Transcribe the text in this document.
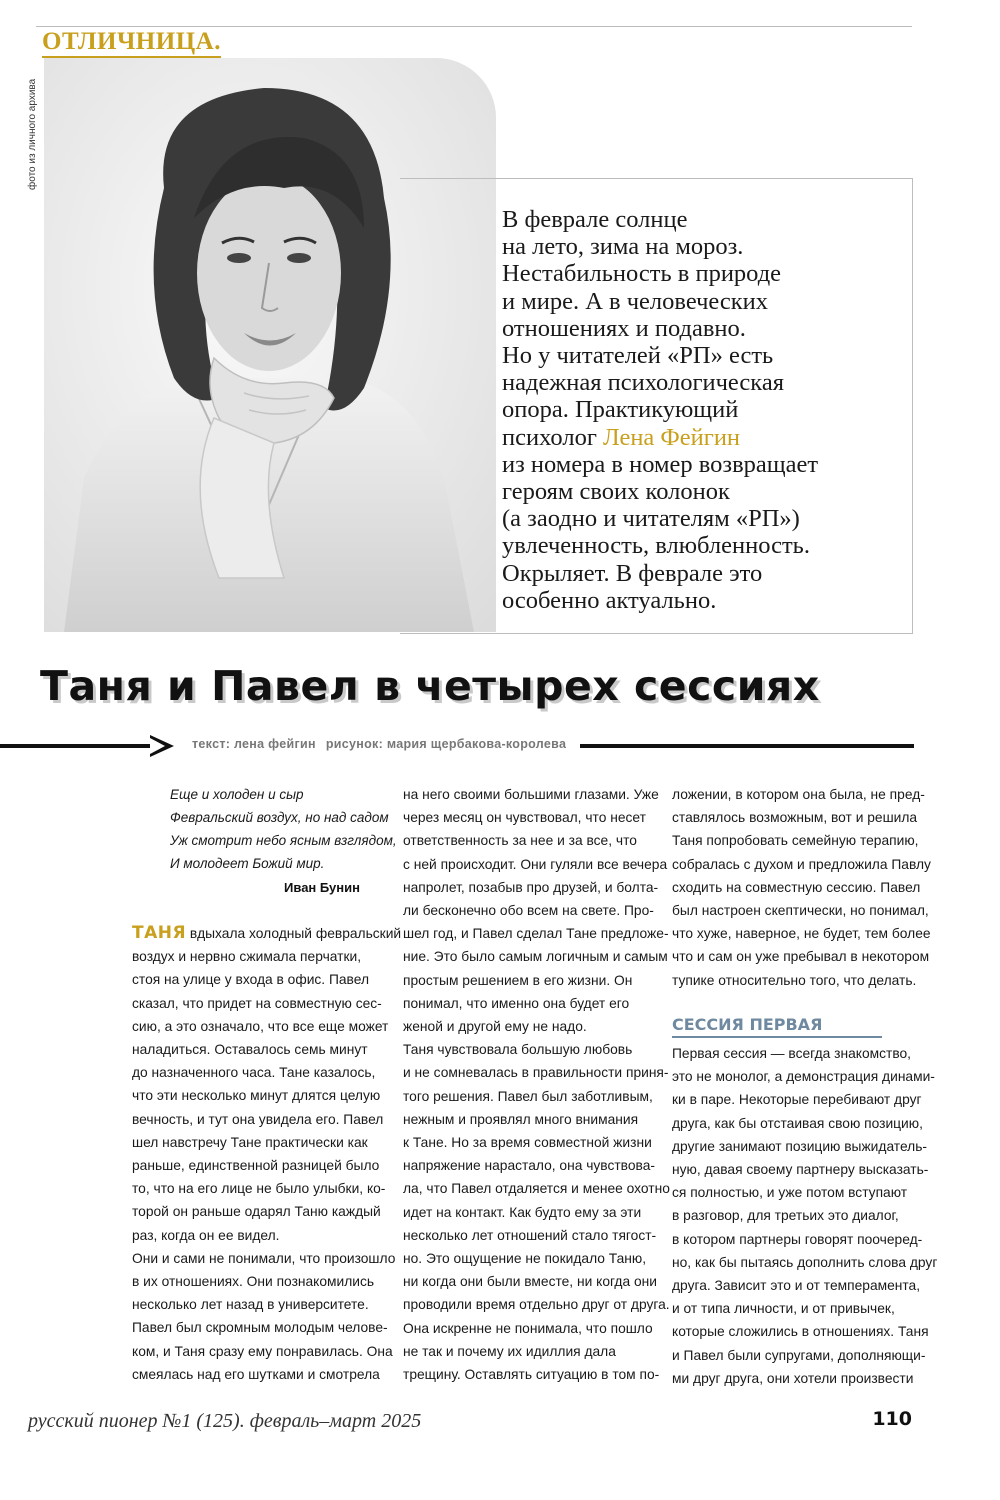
ОТЛИЧНИЦА.
фото из личного архива
В феврале солнце
на лето, зима на мороз.
Нестабильность в природе
и мире. А в человеческих
отношениях и подавно.
Но у читателей «РП» есть
надежная психологическая
опора. Практикующий
психолог Лена Фейгин
из номера в номер возвращает
героям своих колонок
(а заодно и читателям «РП»)
увлеченность, влюбленность.
Окрыляет. В феврале это
особенно актуально.
Таня и Павел в четырех сессиях
текст: лена фейгин рисунок: мария щербакова-королева
Еще и холоден и сыр
Февральский воздух, но над садом
Уж смотрит небо ясным взглядом,
И молодеет Божий мир.
Иван Бунин
ТАНЯ вдыхала холодный февральский
воздух и нервно сжимала перчатки,
стоя на улице у входа в офис. Павел
сказал, что придет на совместную сес-
сию, а это означало, что все еще может
наладиться. Оставалось семь минут
до назначенного часа. Тане казалось,
что эти несколько минут длятся целую
вечность, и тут она увидела его. Павел
шел навстречу Тане практически как
раньше, единственной разницей было
то, что на его лице не было улыбки, ко-
торой он раньше одарял Таню каждый
раз, когда он ее видел.
Они и сами не понимали, что произошло
в их отношениях. Они познакомились
несколько лет назад в университете.
Павел был скромным молодым челове-
ком, и Таня сразу ему понравилась. Она
смеялась над его шутками и смотрела
на него своими большими глазами. Уже
через месяц он чувствовал, что несет
ответственность за нее и за все, что
с ней происходит. Они гуляли все вечера
напролет, позабыв про друзей, и болта-
ли бесконечно обо всем на свете. Про-
шел год, и Павел сделал Тане предложе-
ние. Это было самым логичным и самым
простым решением в его жизни. Он
понимал, что именно она будет его
женой и другой ему не надо.
Таня чувствовала большую любовь
и не сомневалась в правильности приня-
того решения. Павел был заботливым,
нежным и проявлял много внимания
к Тане. Но за время совместной жизни
напряжение нарастало, она чувствова-
ла, что Павел отдаляется и менее охотно
идет на контакт. Как будто ему за эти
несколько лет отношений стало тягост-
но. Это ощущение не покидало Таню,
ни когда они были вместе, ни когда они
проводили время отдельно друг от друга.
Она искренне не понимала, что пошло
не так и почему их идиллия дала
трещину. Оставлять ситуацию в том по-
ложении, в котором она была, не пред-
ставлялось возможным, вот и решила
Таня попробовать семейную терапию,
собралась с духом и предложила Павлу
сходить на совместную сессию. Павел
был настроен скептически, но понимал,
что хуже, наверное, не будет, тем более
что и сам он уже пребывал в некотором
тупике относительно того, что делать.
СЕССИЯ ПЕРВАЯ
Первая сессия — всегда знакомство,
это не монолог, а демонстрация динами-
ки в паре. Некоторые перебивают друг
друга, как бы отстаивая свою позицию,
другие занимают позицию выжидатель-
ную, давая своему партнеру высказать-
ся полностью, и уже потом вступают
в разговор, для третьих это диалог,
в котором партнеры говорят поочеред-
но, как бы пытаясь дополнить слова друг
друга. Зависит это и от темперамента,
и от типа личности, и от привычек,
которые сложились в отношениях. Таня
и Павел были супругами, дополняющи-
ми друг друга, они хотели произвести
русский пионер №1 (125). февраль–март 2025	110
